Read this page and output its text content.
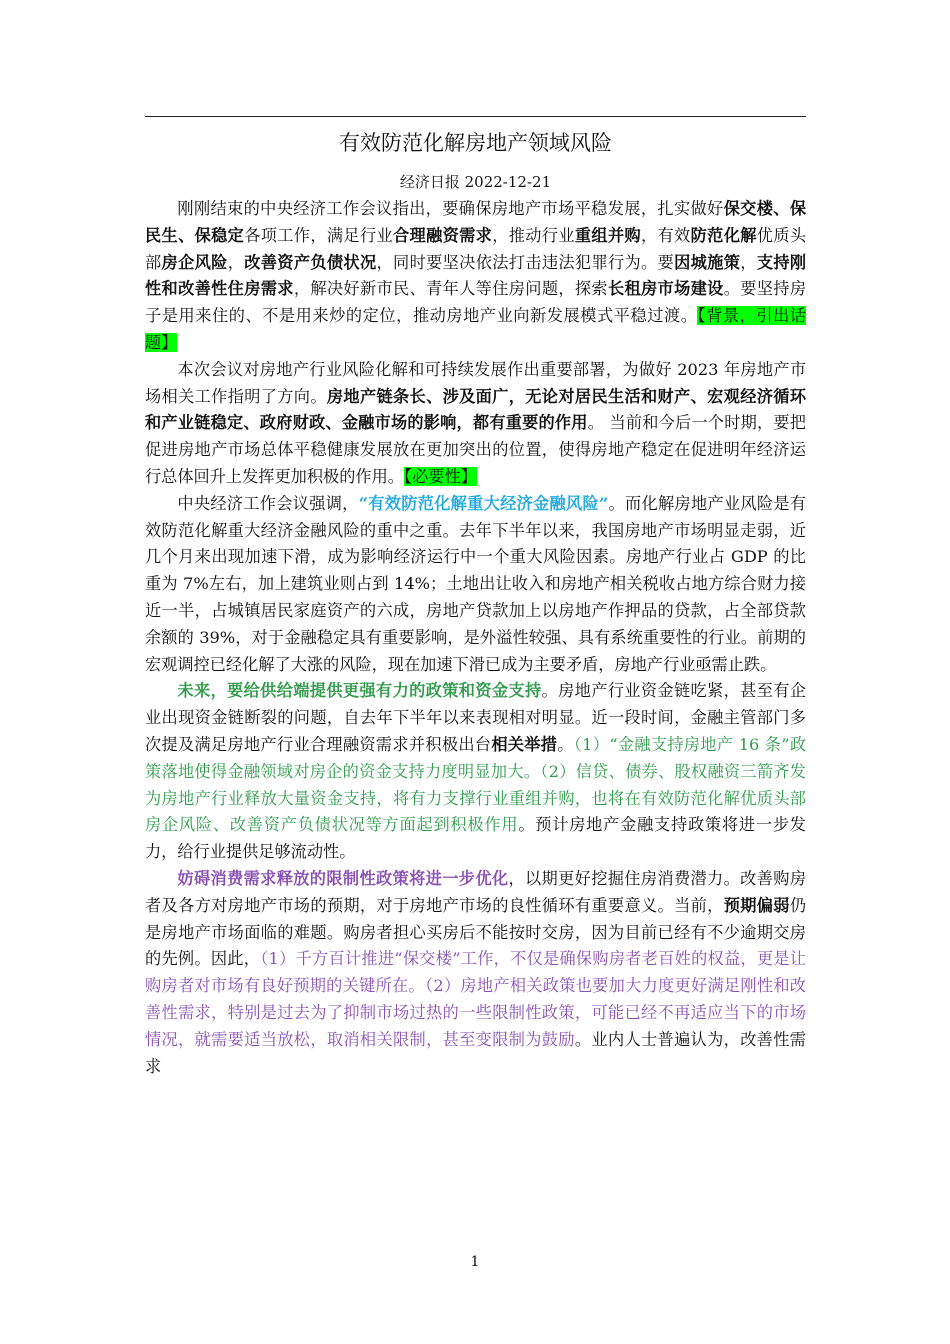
有效防范化解房地产领域风险
经济日报 2022-12-21

刚刚结束的中央经济工作会议指出，要确保房地产市场平稳发展，扎实做好保交楼、保民生、保稳定各项工作，满足行业合理融资需求，推动行业重组并购，有效防范化解优质头部房企风险，改善资产负债状况，同时要坚决依法打击违法犯罪行为。要因城施策，支持刚性和改善性住房需求，解决好新市民、青年人等住房问题，探索长租房市场建设。要坚持房子是用来住的、不是用来炒的定位，推动房地产业向新发展模式平稳过渡。【背景，引出话题】

本次会议对房地产行业风险化解和可持续发展作出重要部署，为做好 2023 年房地产市场相关工作指明了方向。房地产链条长、涉及面广，无论对居民生活和财产、宏观经济循环和产业链稳定、政府财政、金融市场的影响，都有重要的作用。 当前和今后一个时期，要把促进房地产市场总体平稳健康发展放在更加突出的位置，使得房地产稳定在促进明年经济运行总体回升上发挥更加积极的作用。【必要性】

中央经济工作会议强调，“有效防范化解重大经济金融风险”。而化解房地产业风险是有效防范化解重大经济金融风险的重中之重。去年下半年以来，我国房地产市场明显走弱，近几个月来出现加速下滑，成为影响经济运行中一个重大风险因素。房地产行业占 GDP 的比重为 7%左右，加上建筑业则占到 14%；土地出让收入和房地产相关税收占地方综合财力接近一半，占城镇居民家庭资产的六成，房地产贷款加上以房地产作押品的贷款，占全部贷款余额的 39%，对于金融稳定具有重要影响，是外溢性较强、具有系统重要性的行业。前期的宏观调控已经化解了大涨的风险，现在加速下滑已成为主要矛盾，房地产行业亟需止跌。

未来，要给供给端提供更强有力的政策和资金支持。房地产行业资金链吃紧，甚至有企业出现资金链断裂的问题，自去年下半年以来表现相对明显。近一段时间，金融主管部门多次提及满足房地产行业合理融资需求并积极出台相关举措。（1）“金融支持房地产 16 条”政策落地使得金融领域对房企的资金支持力度明显加大。（2）信贷、债券、股权融资三箭齐发为房地产行业释放大量资金支持，将有力支撑行业重组并购，也将在有效防范化解优质头部房企风险、改善资产负债状况等方面起到积极作用。预计房地产金融支持政策将进一步发力，给行业提供足够流动性。

妨碍消费需求释放的限制性政策将进一步优化，以期更好挖掘住房消费潜力。改善购房者及各方对房地产市场的预期，对于房地产市场的良性循环有重要意义。当前，预期偏弱仍是房地产市场面临的难题。购房者担心买房后不能按时交房，因为目前已经有不少逾期交房的先例。因此，（1）千方百计推进“保交楼”工作，不仅是确保购房者老百姓的权益，更是让购房者对市场有良好预期的关键所在。（2）房地产相关政策也要加大力度更好满足刚性和改善性需求，特别是过去为了抑制市场过热的一些限制性政策，可能已经不再适应当下的市场情况，就需要适当放松，取消相关限制，甚至变限制为鼓励。业内人士普遍认为，改善性需求

1
